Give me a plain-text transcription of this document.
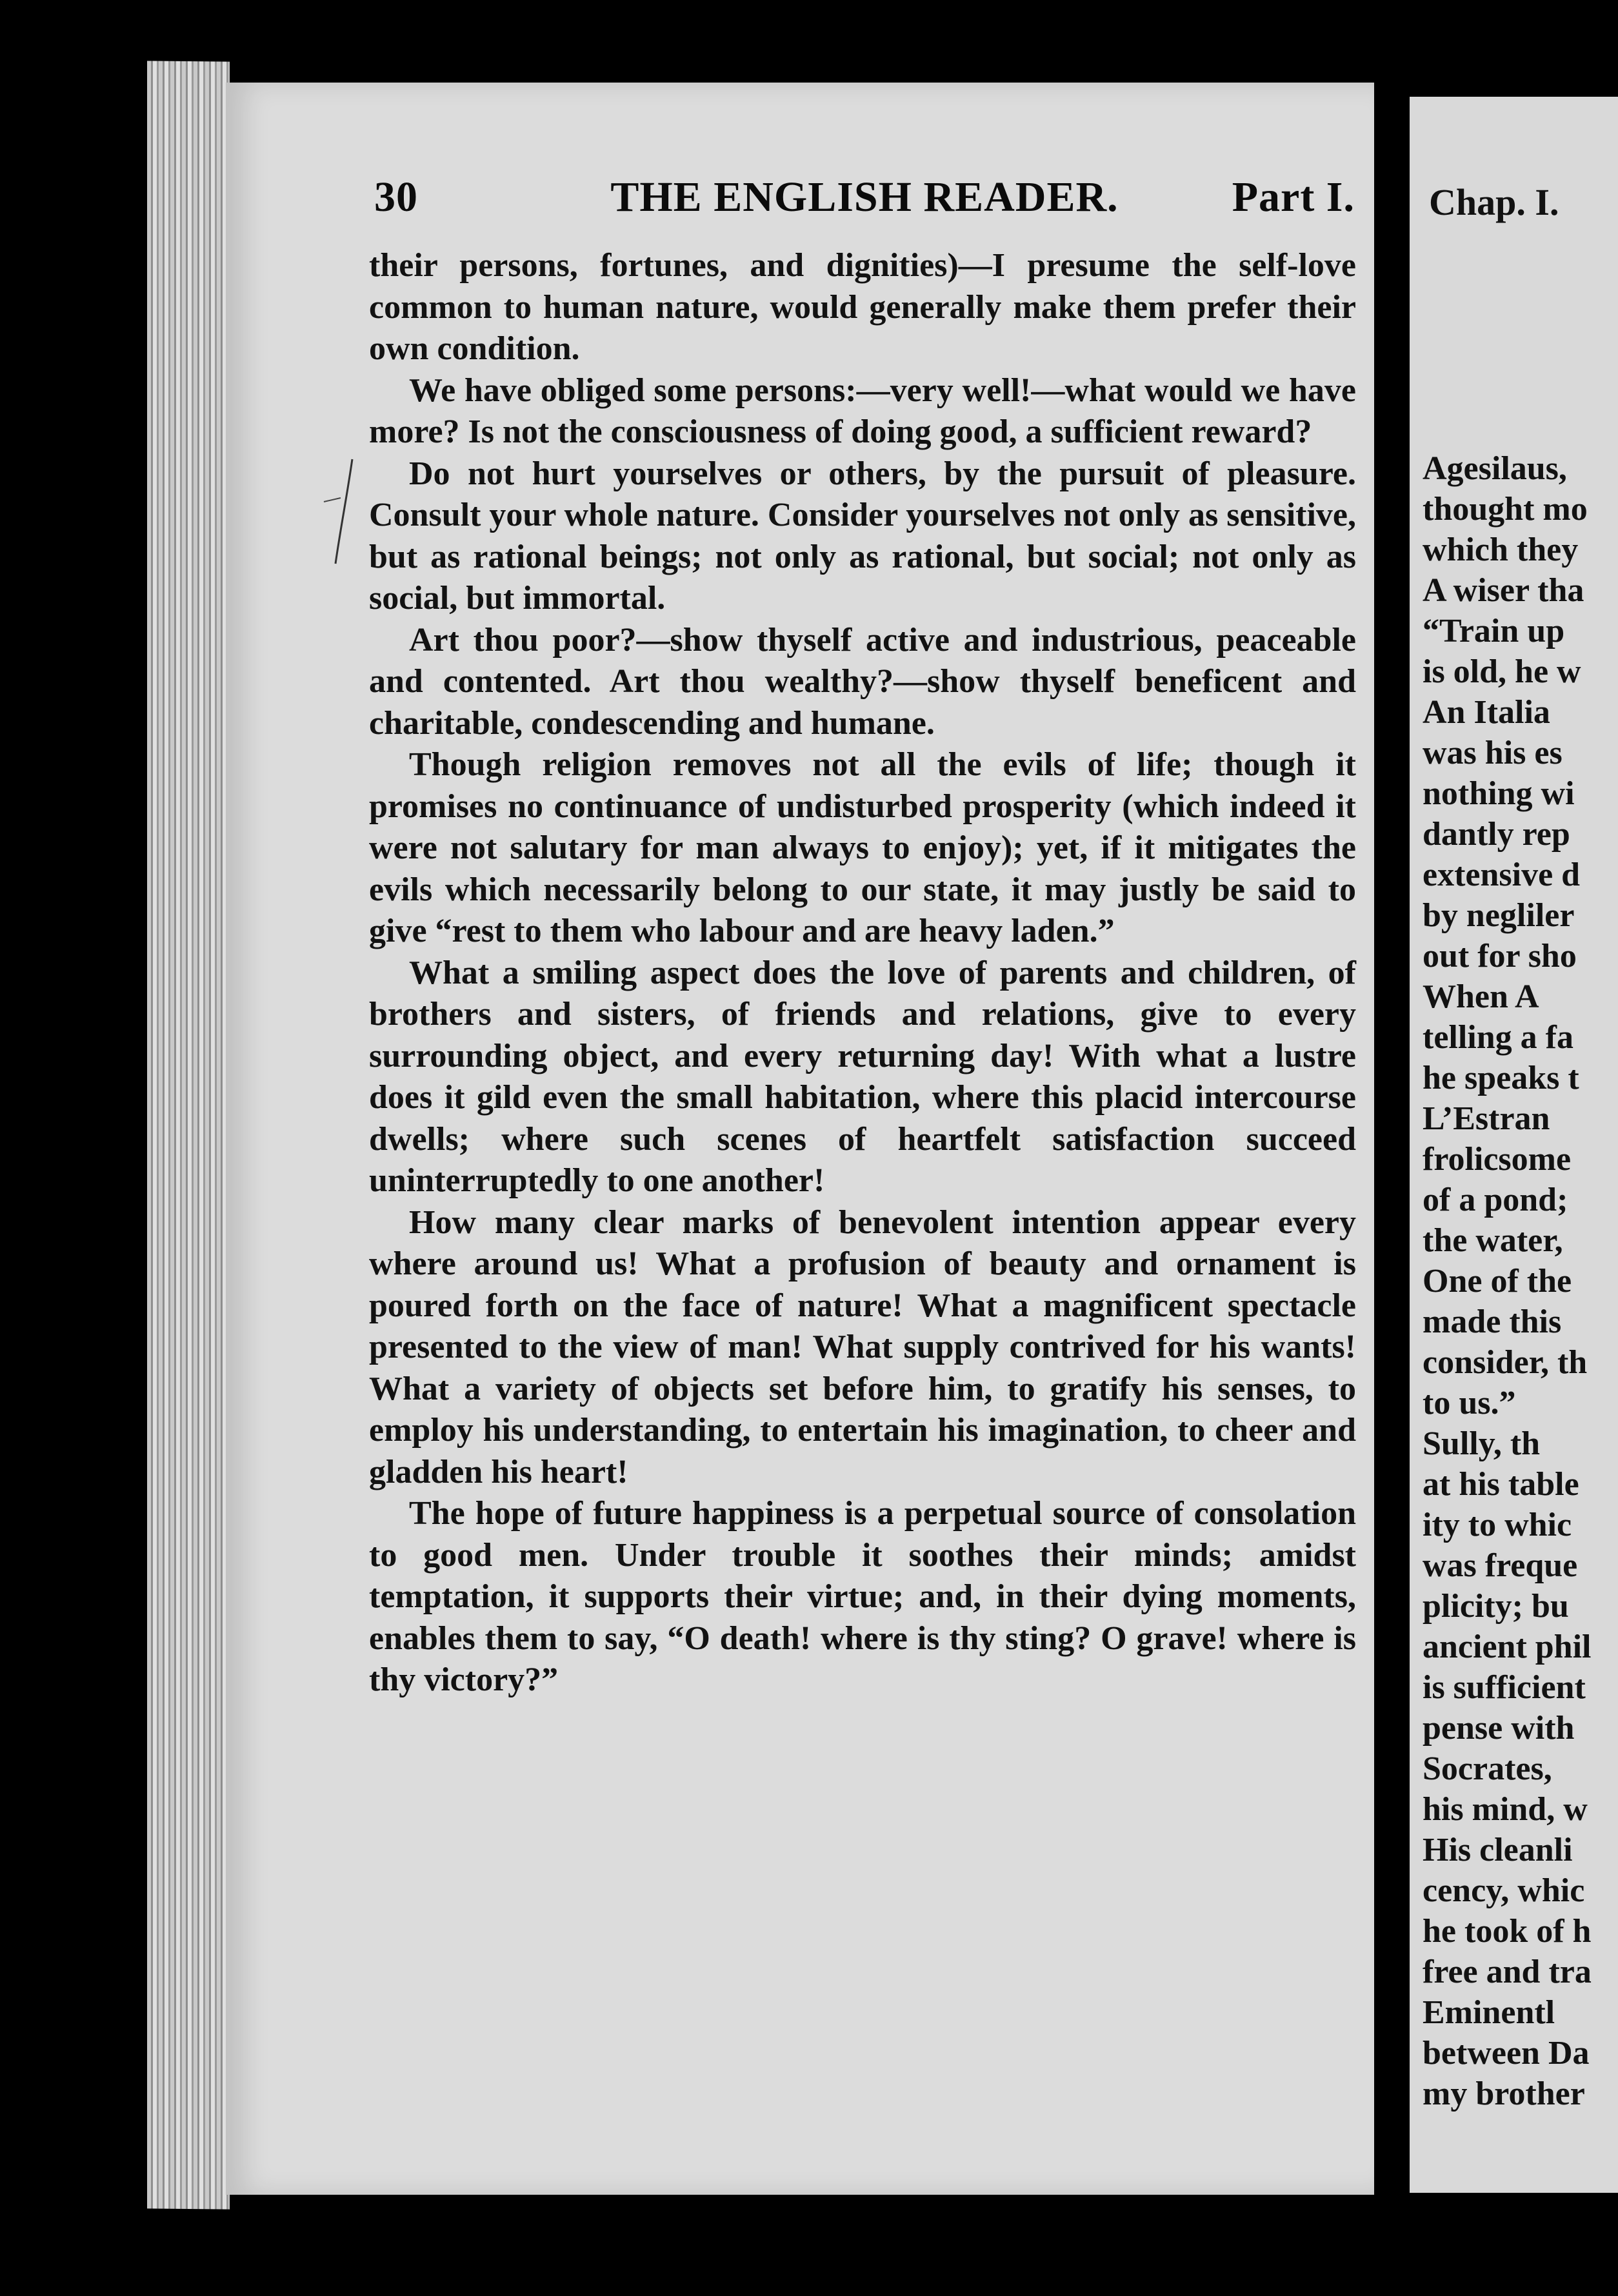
30	THE ENGLISH READER.	Part I.

their persons, fortunes, and dignities)—I presume the self-love common to human nature, would generally make them prefer their own condition.

We have obliged some persons:—very well!—what would we have more? Is not the consciousness of doing good, a sufficient reward?

Do not hurt yourselves or others, by the pursuit of pleasure. Consult your whole nature. Consider yourselves not only as sensitive, but as rational beings; not only as rational, but social; not only as social, but immortal.

Art thou poor?—show thyself active and industrious, peaceable and contented. Art thou wealthy?—show thyself beneficent and charitable, condescending and humane.

Though religion removes not all the evils of life; though it promises no continuance of undisturbed prosperity (which indeed it were not salutary for man always to enjoy); yet, if it mitigates the evils which necessarily belong to our state, it may justly be said to give “rest to them who labour and are heavy laden.”

What a smiling aspect does the love of parents and children, of brothers and sisters, of friends and relations, give to every surrounding object, and every returning day! With what a lustre does it gild even the small habitation, where this placid intercourse dwells; where such scenes of heartfelt satisfaction succeed uninterruptedly to one another!

How many clear marks of benevolent intention appear every where around us! What a profusion of beauty and ornament is poured forth on the face of nature! What a magnificent spectacle presented to the view of man! What supply contrived for his wants! What a variety of objects set before him, to gratify his senses, to employ his understanding, to entertain his imagination, to cheer and gladden his heart!

The hope of future happiness is a perpetual source of consolation to good men. Under trouble it soothes their minds; amidst temptation, it supports their virtue; and, in their dying moments, enables them to say, “O death! where is thy sting? O grave! where is thy victory?”

Chap. I.
Agesilaus,
thought mo
which they
A wiser tha
“Train up
is old, he w
An Italia
was his es
nothing wi
dantly rep
extensive d
by negliler
out for sho
When A
telling a fa
he speaks t
L’Estran
frolicsome
of a pond;
the water,
One of the
made this
consider, th
to us.”
Sully, th
at his table
ity to whic
was freque
plicity; bu
ancient phil
is sufficient
pense with
Socrates,
his mind, w
His cleanli
cency, whic
he took of h
free and tra
Eminentl
between Da
my brother
